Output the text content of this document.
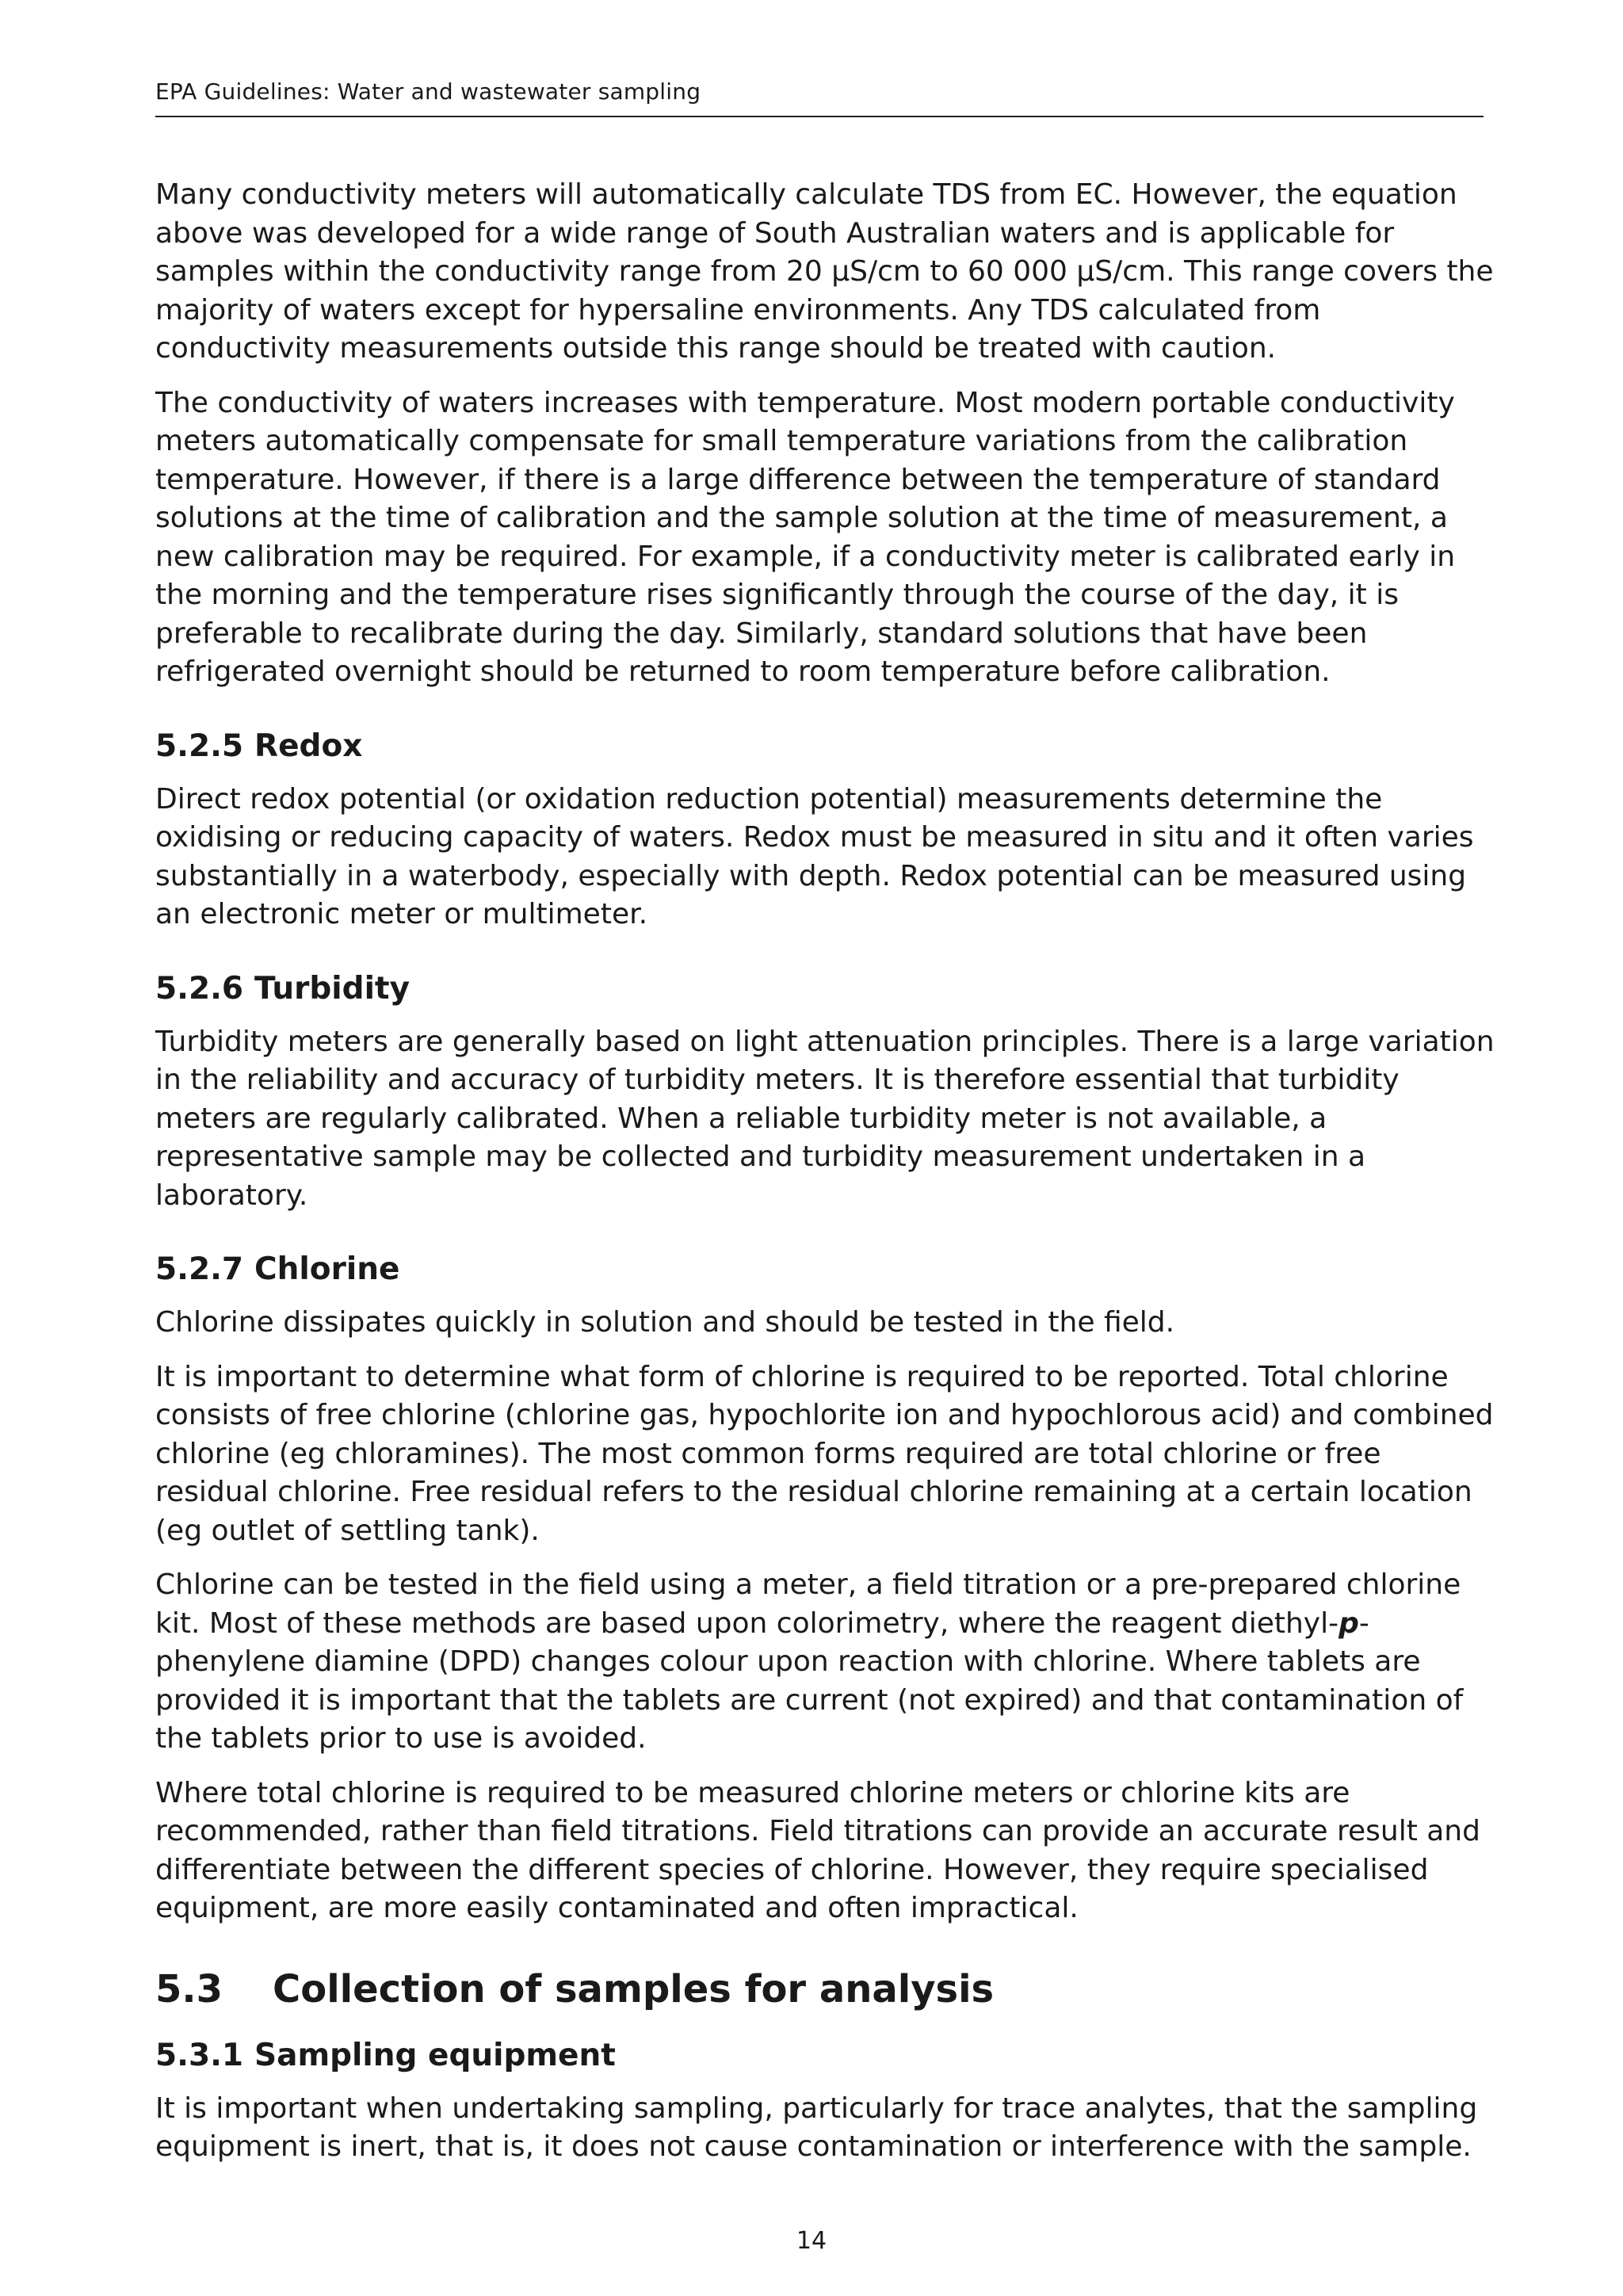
EPA Guidelines: Water and wastewater sampling

Many conductivity meters will automatically calculate TDS from EC. However, the equation above was developed for a wide range of South Australian waters and is applicable for samples within the conductivity range from 20 µS/cm to 60 000 µS/cm. This range covers the majority of waters except for hypersaline environments. Any TDS calculated from conductivity measurements outside this range should be treated with caution.

The conductivity of waters increases with temperature. Most modern portable conductivity meters automatically compensate for small temperature variations from the calibration temperature. However, if there is a large difference between the temperature of standard solutions at the time of calibration and the sample solution at the time of measurement, a new calibration may be required. For example, if a conductivity meter is calibrated early in the morning and the temperature rises significantly through the course of the day, it is preferable to recalibrate during the day. Similarly, standard solutions that have been refrigerated overnight should be returned to room temperature before calibration.

5.2.5 Redox

Direct redox potential (or oxidation reduction potential) measurements determine the oxidising or reducing capacity of waters. Redox must be measured in situ and it often varies substantially in a waterbody, especially with depth. Redox potential can be measured using an electronic meter or multimeter.

5.2.6 Turbidity

Turbidity meters are generally based on light attenuation principles. There is a large variation in the reliability and accuracy of turbidity meters. It is therefore essential that turbidity meters are regularly calibrated. When a reliable turbidity meter is not available, a representative sample may be collected and turbidity measurement undertaken in a laboratory.

5.2.7 Chlorine

Chlorine dissipates quickly in solution and should be tested in the field.

It is important to determine what form of chlorine is required to be reported. Total chlorine consists of free chlorine (chlorine gas, hypochlorite ion and hypochlorous acid) and combined chlorine (eg chloramines). The most common forms required are total chlorine or free residual chlorine. Free residual refers to the residual chlorine remaining at a certain location (eg outlet of settling tank).

Chlorine can be tested in the field using a meter, a field titration or a pre-prepared chlorine kit. Most of these methods are based upon colorimetry, where the reagent diethyl-p-phenylene diamine (DPD) changes colour upon reaction with chlorine. Where tablets are provided it is important that the tablets are current (not expired) and that contamination of the tablets prior to use is avoided.

Where total chlorine is required to be measured chlorine meters or chlorine kits are recommended, rather than field titrations. Field titrations can provide an accurate result and differentiate between the different species of chlorine. However, they require specialised equipment, are more easily contaminated and often impractical.

5.3 Collection of samples for analysis
5.3.1 Sampling equipment

It is important when undertaking sampling, particularly for trace analytes, that the sampling equipment is inert, that is, it does not cause contamination or interference with the sample.

14
